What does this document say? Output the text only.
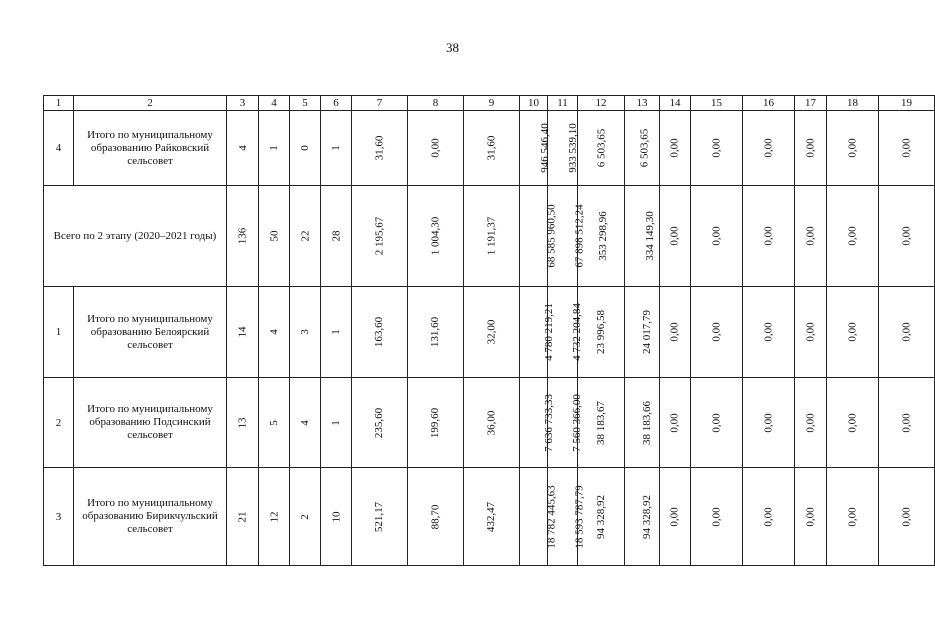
38
1	2	3	4	5	6	7	8	9	10	11	12	13	14	15	16	17	18	19
4	Итого по муниципальному образованию Райковский сельсовет	4	1	0	1	31,60	0,00	31,60	946 546,40	933 539,10	6 503,65	6 503,65	0,00	0,00	0,00	0,00	0,00	0,00
Всего по 2 этапу (2020–2021 годы)		136	50	22	28	2 195,67	1 004,30	1 191,37	68 585 960,50	67 898 512,24	353 298,96	334 149,30	0,00	0,00	0,00	0,00	0,00	0,00
1	Итого по муниципальному образованию Белоярский сельсовет	14	4	3	1	163,60	131,60	32,00	4 780 219,21	4 732 204,84	23 996,58	24 017,79	0,00	0,00	0,00	0,00	0,00	0,00
2	Итого по муниципальному образованию Подсинский сельсовет	13	5	4	1	235,60	199,60	36,00	7 636 733,33	7 560 366,00	38 183,67	38 183,66	0,00	0,00	0,00	0,00	0,00	0,00
3	Итого по муниципальному образованию Бирикчульский сельсовет	21	12	2	10	521,17	88,70	432,47	18 782 445,63	18 593 787,79	94 328,92	94 328,92	0,00	0,00	0,00	0,00	0,00	0,00
